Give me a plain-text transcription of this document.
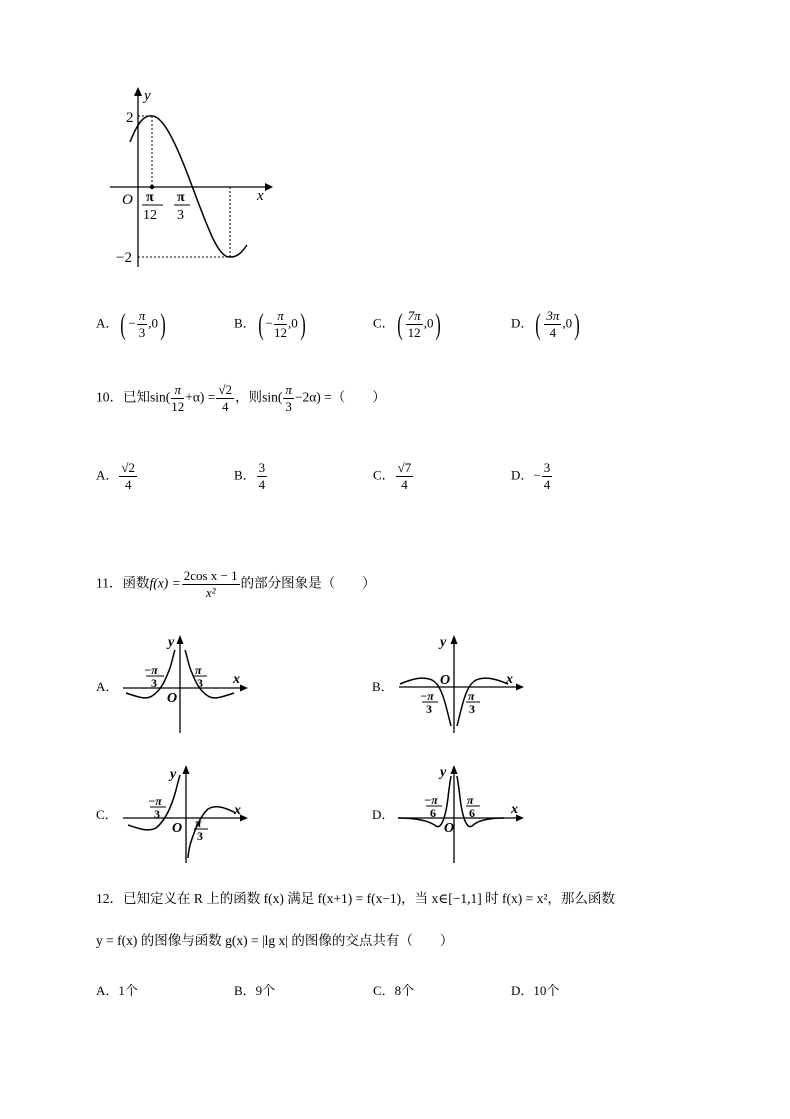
y
x
O
2
−2
π
12
π
3
A．( − $\frac{\pi}{3} ,0$)	B．( − $\frac{\pi}{12} ,0$)	C．( $\frac{7\pi}{12} ,0$)	D．( $\frac{3\pi}{4} ,0$)
10．已知$\sin( \frac{\pi}{12} +\alpha) = \frac{√2}{4}$ ，则$\sin( \frac{\pi}{3} -2\alpha)$ =（　　）
A． $\frac{√2}{4}$	B． $\frac{3}{4}$	C． $\frac{√7}{4}$	D．− $\frac{3}{4}$
11．函数$f(x) = \frac{\text{2cos x − 1}}{\text{x²}}$ 的部分图象是（　　）
A．
y
x
O
−π
3
π
3	B．
y
x
O
−π
3
π
3
C．
y
x
O
−π
3
π
3
D．
y
x
O
−π
6
π
6
12．已知定义在 R 上的函数 f(x) 满足 f(x+1) = f(x−1)，当 x∈[−1,1] 时 f(x) = x²，那么函数
y = f(x) 的图像与函数 g(x) = |lg x| 的图像的交点共有（　　）
A．1个	B．9个	C．8个	D．10个
